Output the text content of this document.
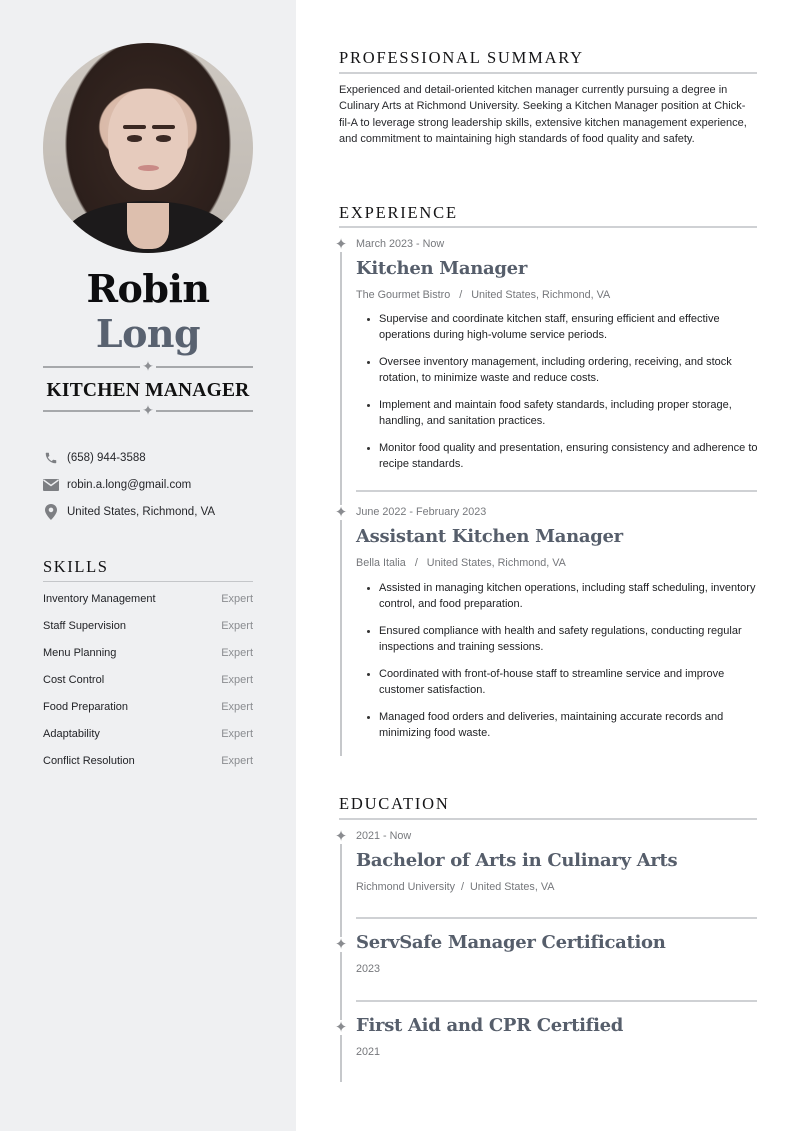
Robin
Long
✦
KITCHEN MANAGER
✦
(658) 944-3588
robin.a.long@gmail.com
United States, Richmond, VA
SKILLS
Inventory Management	Expert
Staff Supervision	Expert
Menu Planning	Expert
Cost Control	Expert
Food Preparation	Expert
Adaptability	Expert
Conflict Resolution	Expert
PROFESSIONAL SUMMARY

Experienced and detail-oriented kitchen manager currently pursuing a degree in Culinary Arts at Richmond University. Seeking a Kitchen Manager position at Chick-fil-A to leverage strong leadership skills, extensive kitchen management experience, and commitment to maintaining high standards of food quality and safety.

EXPERIENCE
✦ March 2023 - Now
Kitchen Manager
The Gourmet Bistro   /   United States, Richmond, VA
Supervise and coordinate kitchen staff, ensuring efficient and effective operations during high-volume service periods.
Oversee inventory management, including ordering, receiving, and stock rotation, to minimize waste and reduce costs.
Implement and maintain food safety standards, including proper storage, handling, and sanitation practices.
Monitor food quality and presentation, ensuring consistency and adherence to recipe standards.
✦ June 2022 - February 2023
Assistant Kitchen Manager
Bella Italia   /   United States, Richmond, VA
Assisted in managing kitchen operations, including staff scheduling, inventory control, and food preparation.
Ensured compliance with health and safety regulations, conducting regular inspections and training sessions.
Coordinated with front-of-house staff to streamline service and improve customer satisfaction.
Managed food orders and deliveries, maintaining accurate records and minimizing food waste.
EDUCATION
✦ 2021 - Now
Bachelor of Arts in Culinary Arts
Richmond University  /  United States, VA
✦ ServSafe Manager Certification
2023
✦ First Aid and CPR Certified
2021
